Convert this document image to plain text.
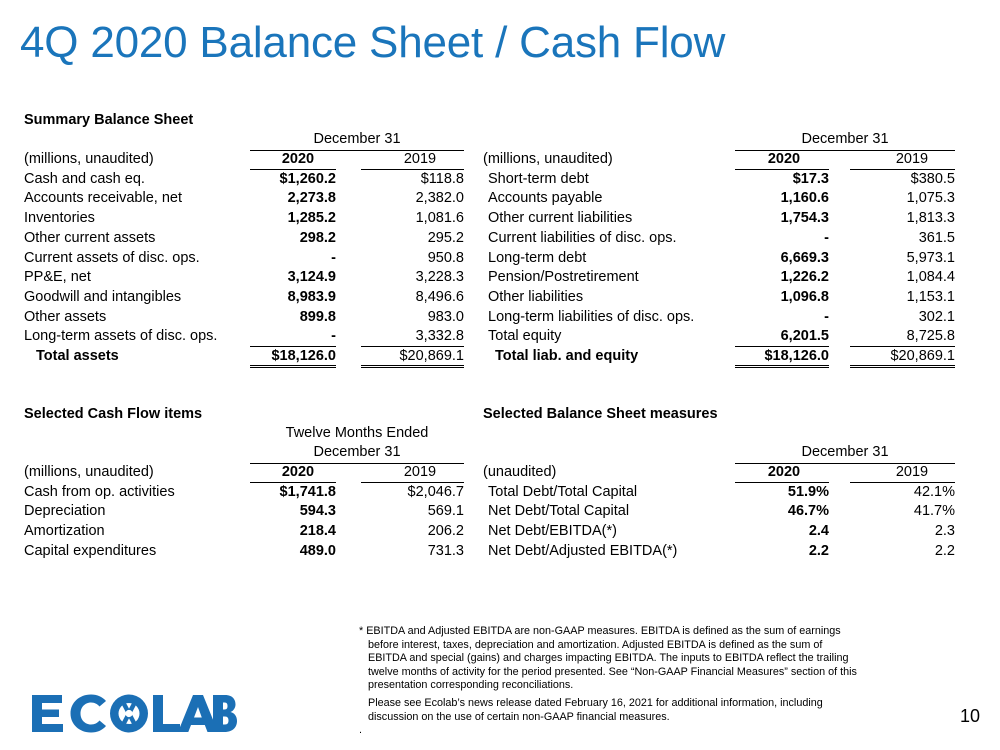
4Q 2020 Balance Sheet / Cash Flow
Summary Balance Sheet
December 31
(millions, unaudited)	2020	2019
Cash and cash eq.	$1,260.2	$118.8
Accounts receivable, net	2,273.8	2,382.0
Inventories	1,285.2	1,081.6
Other current assets	298.2	295.2
Current assets of disc. ops.	-	950.8
PP&E, net	3,124.9	3,228.3
Goodwill and intangibles	8,983.9	8,496.6
Other assets	899.8	983.0
Long-term assets of disc. ops.	-	3,332.8
Total assets	$18,126.0	$20,869.1
December 31
(millions, unaudited)	2020	2019
Short-term debt	$17.3	$380.5
Accounts payable	1,160.6	1,075.3
Other current liabilities	1,754.3	1,813.3
Current liabilities of disc. ops.	-	361.5
Long-term debt	6,669.3	5,973.1
Pension/Postretirement	1,226.2	1,084.4
Other liabilities	1,096.8	1,153.1
Long-term liabilities of disc. ops.	-	302.1
Total equity	6,201.5	8,725.8
Total liab. and equity	$18,126.0	$20,869.1
Selected Cash Flow items
Twelve Months Ended
December 31
(millions, unaudited)	2020	2019
Cash from op. activities	$1,741.8	$2,046.7
Depreciation	594.3	569.1
Amortization	218.4	206.2
Capital expenditures	489.0	731.3
Selected Balance Sheet measures
December 31
(unaudited)	2020	2019
Total Debt/Total Capital	51.9%	42.1%
Net Debt/Total Capital	46.7%	41.7%
Net Debt/EBITDA(*)	2.4	2.3
Net Debt/Adjusted EBITDA(*)	2.2	2.2

* EBITDA and Adjusted EBITDA are non-GAAP measures. EBITDA is defined as the sum of earnings

before interest, taxes, depreciation and amortization. Adjusted EBITDA is defined as the sum of

EBITDA and special (gains) and charges impacting EBITDA. The inputs to EBITDA reflect the trailing

twelve months of activity for the period presented. See “Non-GAAP Financial Measures” section of this

presentation corresponding reconciliations.

Please see Ecolab’s news release dated February 16, 2021 for additional information, including

discussion on the use of certain non-GAAP financial measures.

.

10
